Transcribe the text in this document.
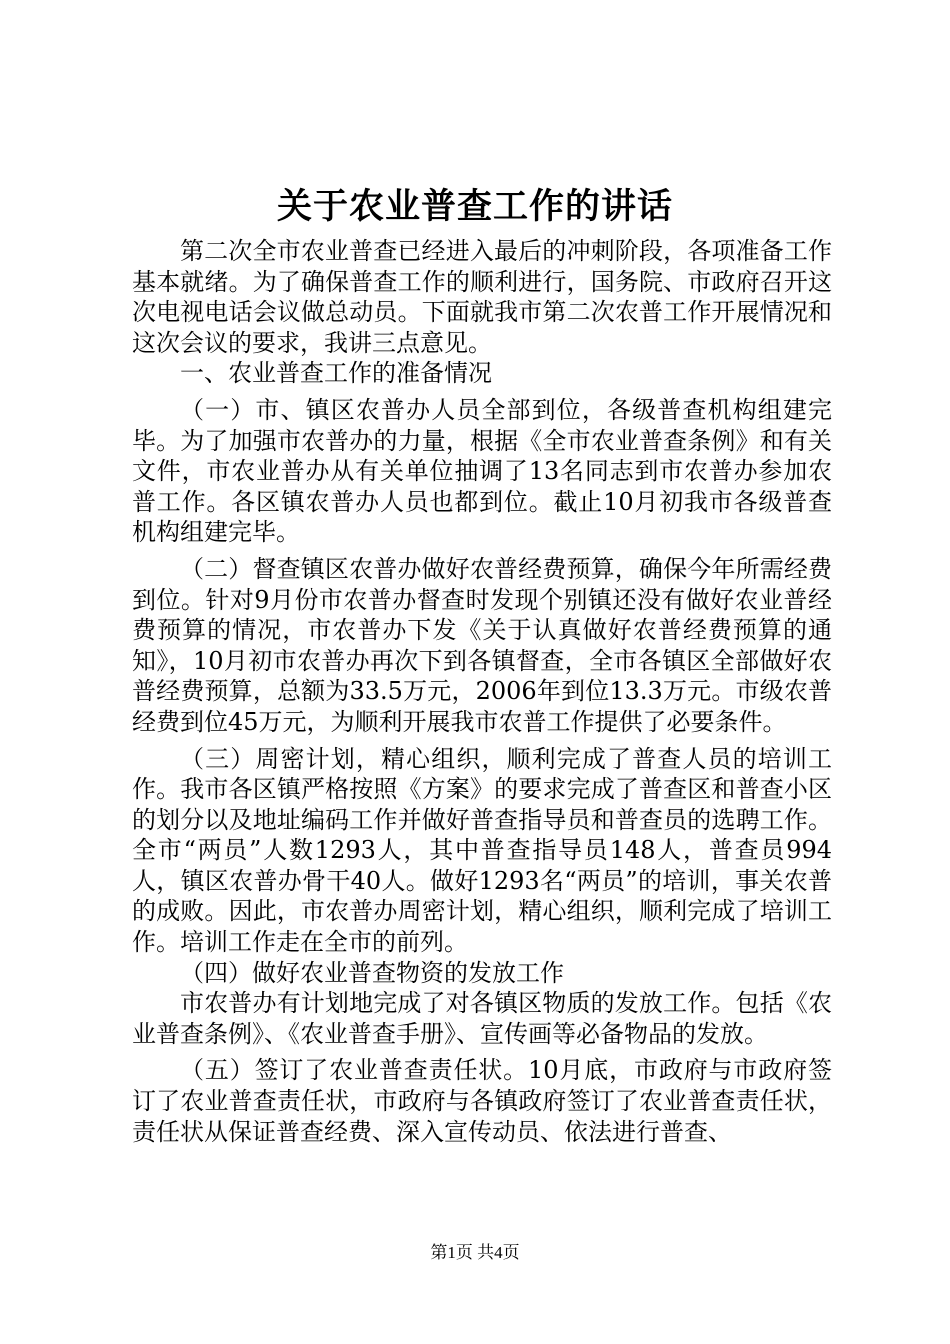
关于农业普查工作的讲话

第二次全市农业普查已经进入最后的冲刺阶段，各项准备工作基本就绪。为了确保普查工作的顺利进行，国务院、市政府召开这次电视电话会议做总动员。下面就我市第二次农普工作开展情况和这次会议的要求，我讲三点意见。

一、农业普查工作的准备情况

（一）市、镇区农普办人员全部到位，各级普查机构组建完毕。为了加强市农普办的力量，根据《全市农业普查条例》和有关文件，市农业普办从有关单位抽调了13名同志到市农普办参加农普工作。各区镇农普办人员也都到位。截止10月初我市各级普查机构组建完毕。

（二）督查镇区农普办做好农普经费预算，确保今年所需经费到位。针对9月份市农普办督查时发现个别镇还没有做好农业普经费预算的情况，市农普办下发《关于认真做好农普经费预算的通知》，10月初市农普办再次下到各镇督查，全市各镇区全部做好农普经费预算，总额为33.5万元，2006年到位13.3万元。市级农普经费到位45万元，为顺利开展我市农普工作提供了必要条件。

（三）周密计划，精心组织，顺利完成了普查人员的培训工作。我市各区镇严格按照《方案》的要求完成了普查区和普查小区的划分以及地址编码工作并做好普查指导员和普查员的选聘工作。全市“两员”人数1293人，其中普查指导员148人，普查员994人，镇区农普办骨干40人。做好1293名“两员”的培训，事关农普的成败。因此，市农普办周密计划，精心组织，顺利完成了培训工作。培训工作走在全市的前列。

（四）做好农业普查物资的发放工作

市农普办有计划地完成了对各镇区物质的发放工作。包括《农业普查条例》、《农业普查手册》、宣传画等必备物品的发放。

（五）签订了农业普查责任状。10月底，市政府与市政府签订了农业普查责任状，市政府与各镇政府签订了农业普查责任状，责任状从保证普查经费、深入宣传动员、依法进行普查、

第1页 共4页
